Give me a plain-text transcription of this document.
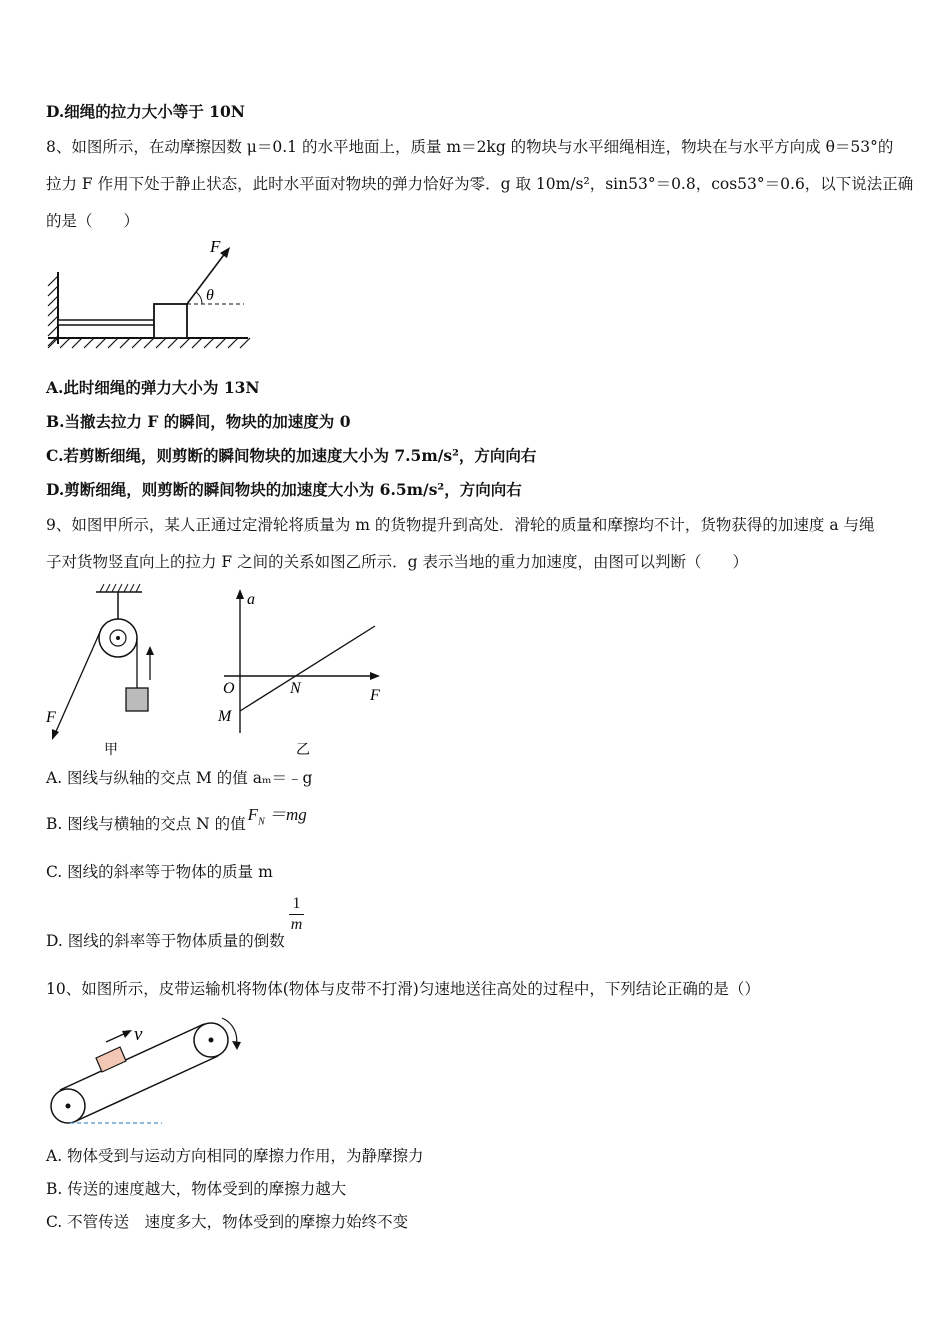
D.细绳的拉力大小等于 10N
8、如图所示，在动摩擦因数 μ＝0.1 的水平地面上，质量 m＝2kg 的物块与水平细绳相连，物块在与水平方向成 θ＝53°的
拉力 F 作用下处于静止状态，此时水平面对物块的弹力恰好为零．g 取 10m/s²，sin53°＝0.8，cos53°＝0.6，以下说法正确
的是（　　）
F
θ
A.此时细绳的弹力大小为 13N
B.当撤去拉力 F 的瞬间，物块的加速度为 0
C.若剪断细绳，则剪断的瞬间物块的加速度大小为 7.5m/s²，方向向右
D.剪断细绳，则剪断的瞬间物块的加速度大小为 6.5m/s²，方向向右
9、如图甲所示，某人正通过定滑轮将质量为 m 的货物提升到高处．滑轮的质量和摩擦均不计，货物获得的加速度 a 与绳
子对货物竖直向上的拉力 F 之间的关系如图乙所示．g 表示当地的重力加速度，由图可以判断（　　）
F
甲
a
O	N	F
M
乙
A. 图线与纵轴的交点 M 的值 aₘ＝﹣g
B. 图线与横轴的交点 N 的值 $F_N =mg$
C. 图线的斜率等于物体的质量 m
D. 图线的斜率等于物体质量的倒数
$\frac{1}{m}$
10、如图所示，皮带运输机将物体(物体与皮带不打滑)匀速地送往高处的过程中，下列结论正确的是（）
v
A. 物体受到与运动方向相同的摩擦力作用，为静摩擦力
B. 传送的速度越大，物体受到的摩擦力越大
C. 不管传送　速度多大，物体受到的摩擦力始终不变
